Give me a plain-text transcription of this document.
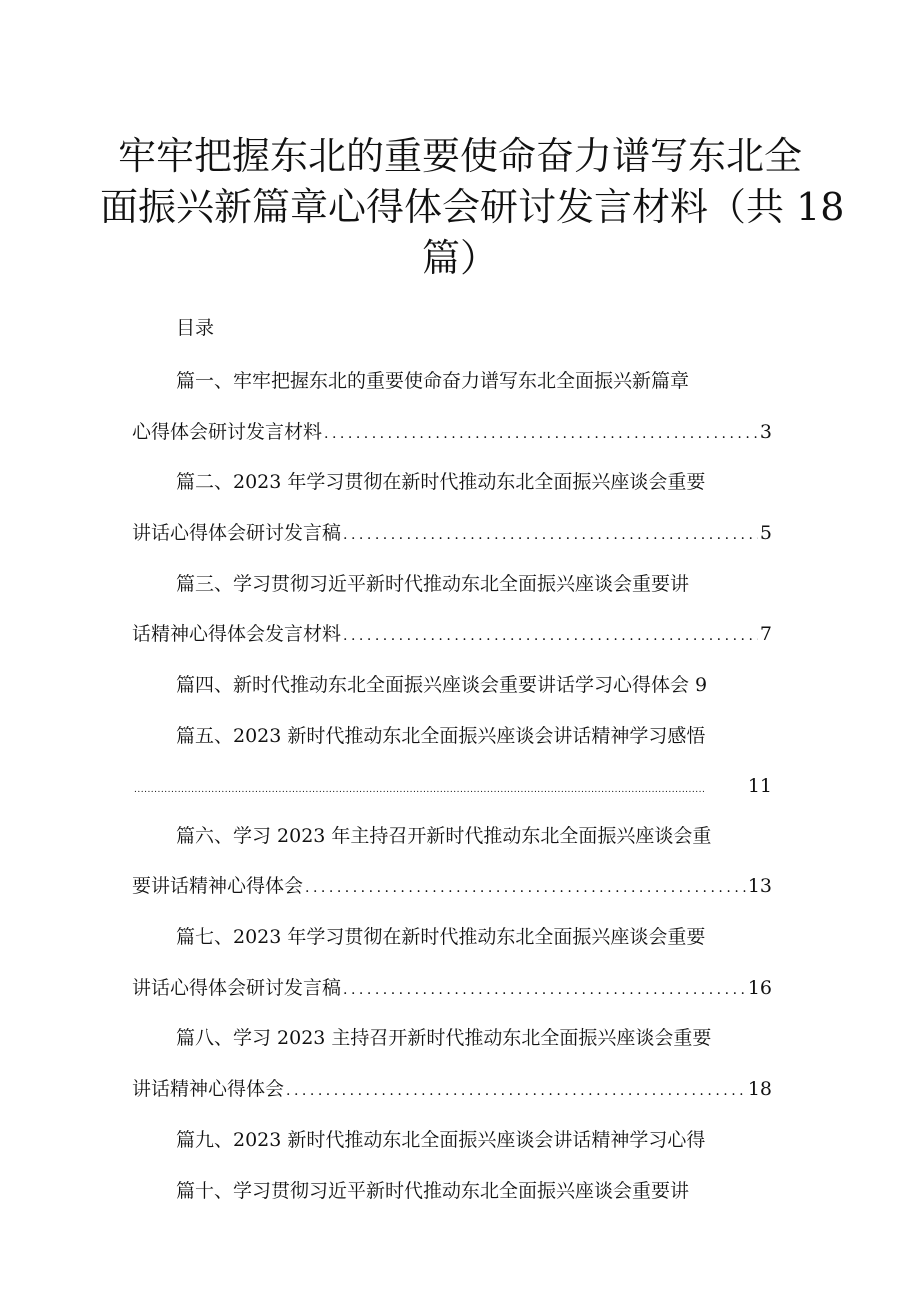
牢牢把握东北的重要使命奋力谱写东北全
面振兴新篇章心得体会研讨发言材料（共 18
篇）
目录
篇一、牢牢把握东北的重要使命奋力谱写东北全面振兴新篇章
心得体会研讨发言材料 .....	3
篇二、2023 年学习贯彻在新时代推动东北全面振兴座谈会重要
讲话心得体会研讨发言稿 .....	5
篇三、学习贯彻习近平新时代推动东北全面振兴座谈会重要讲
话精神心得体会发言材料 .....	7
篇四、新时代推动东北全面振兴座谈会重要讲话学习心得体会 9
篇五、2023 新时代推动东北全面振兴座谈会讲话精神学习感悟
.....
11
篇六、学习 2023 年主持召开新时代推动东北全面振兴座谈会重
要讲话精神心得体会 .....	13
篇七、2023 年学习贯彻在新时代推动东北全面振兴座谈会重要
讲话心得体会研讨发言稿 .....	16
篇八、学习 2023 主持召开新时代推动东北全面振兴座谈会重要
讲话精神心得体会 .....	18
篇九、2023 新时代推动东北全面振兴座谈会讲话精神学习心得
篇十、学习贯彻习近平新时代推动东北全面振兴座谈会重要讲
